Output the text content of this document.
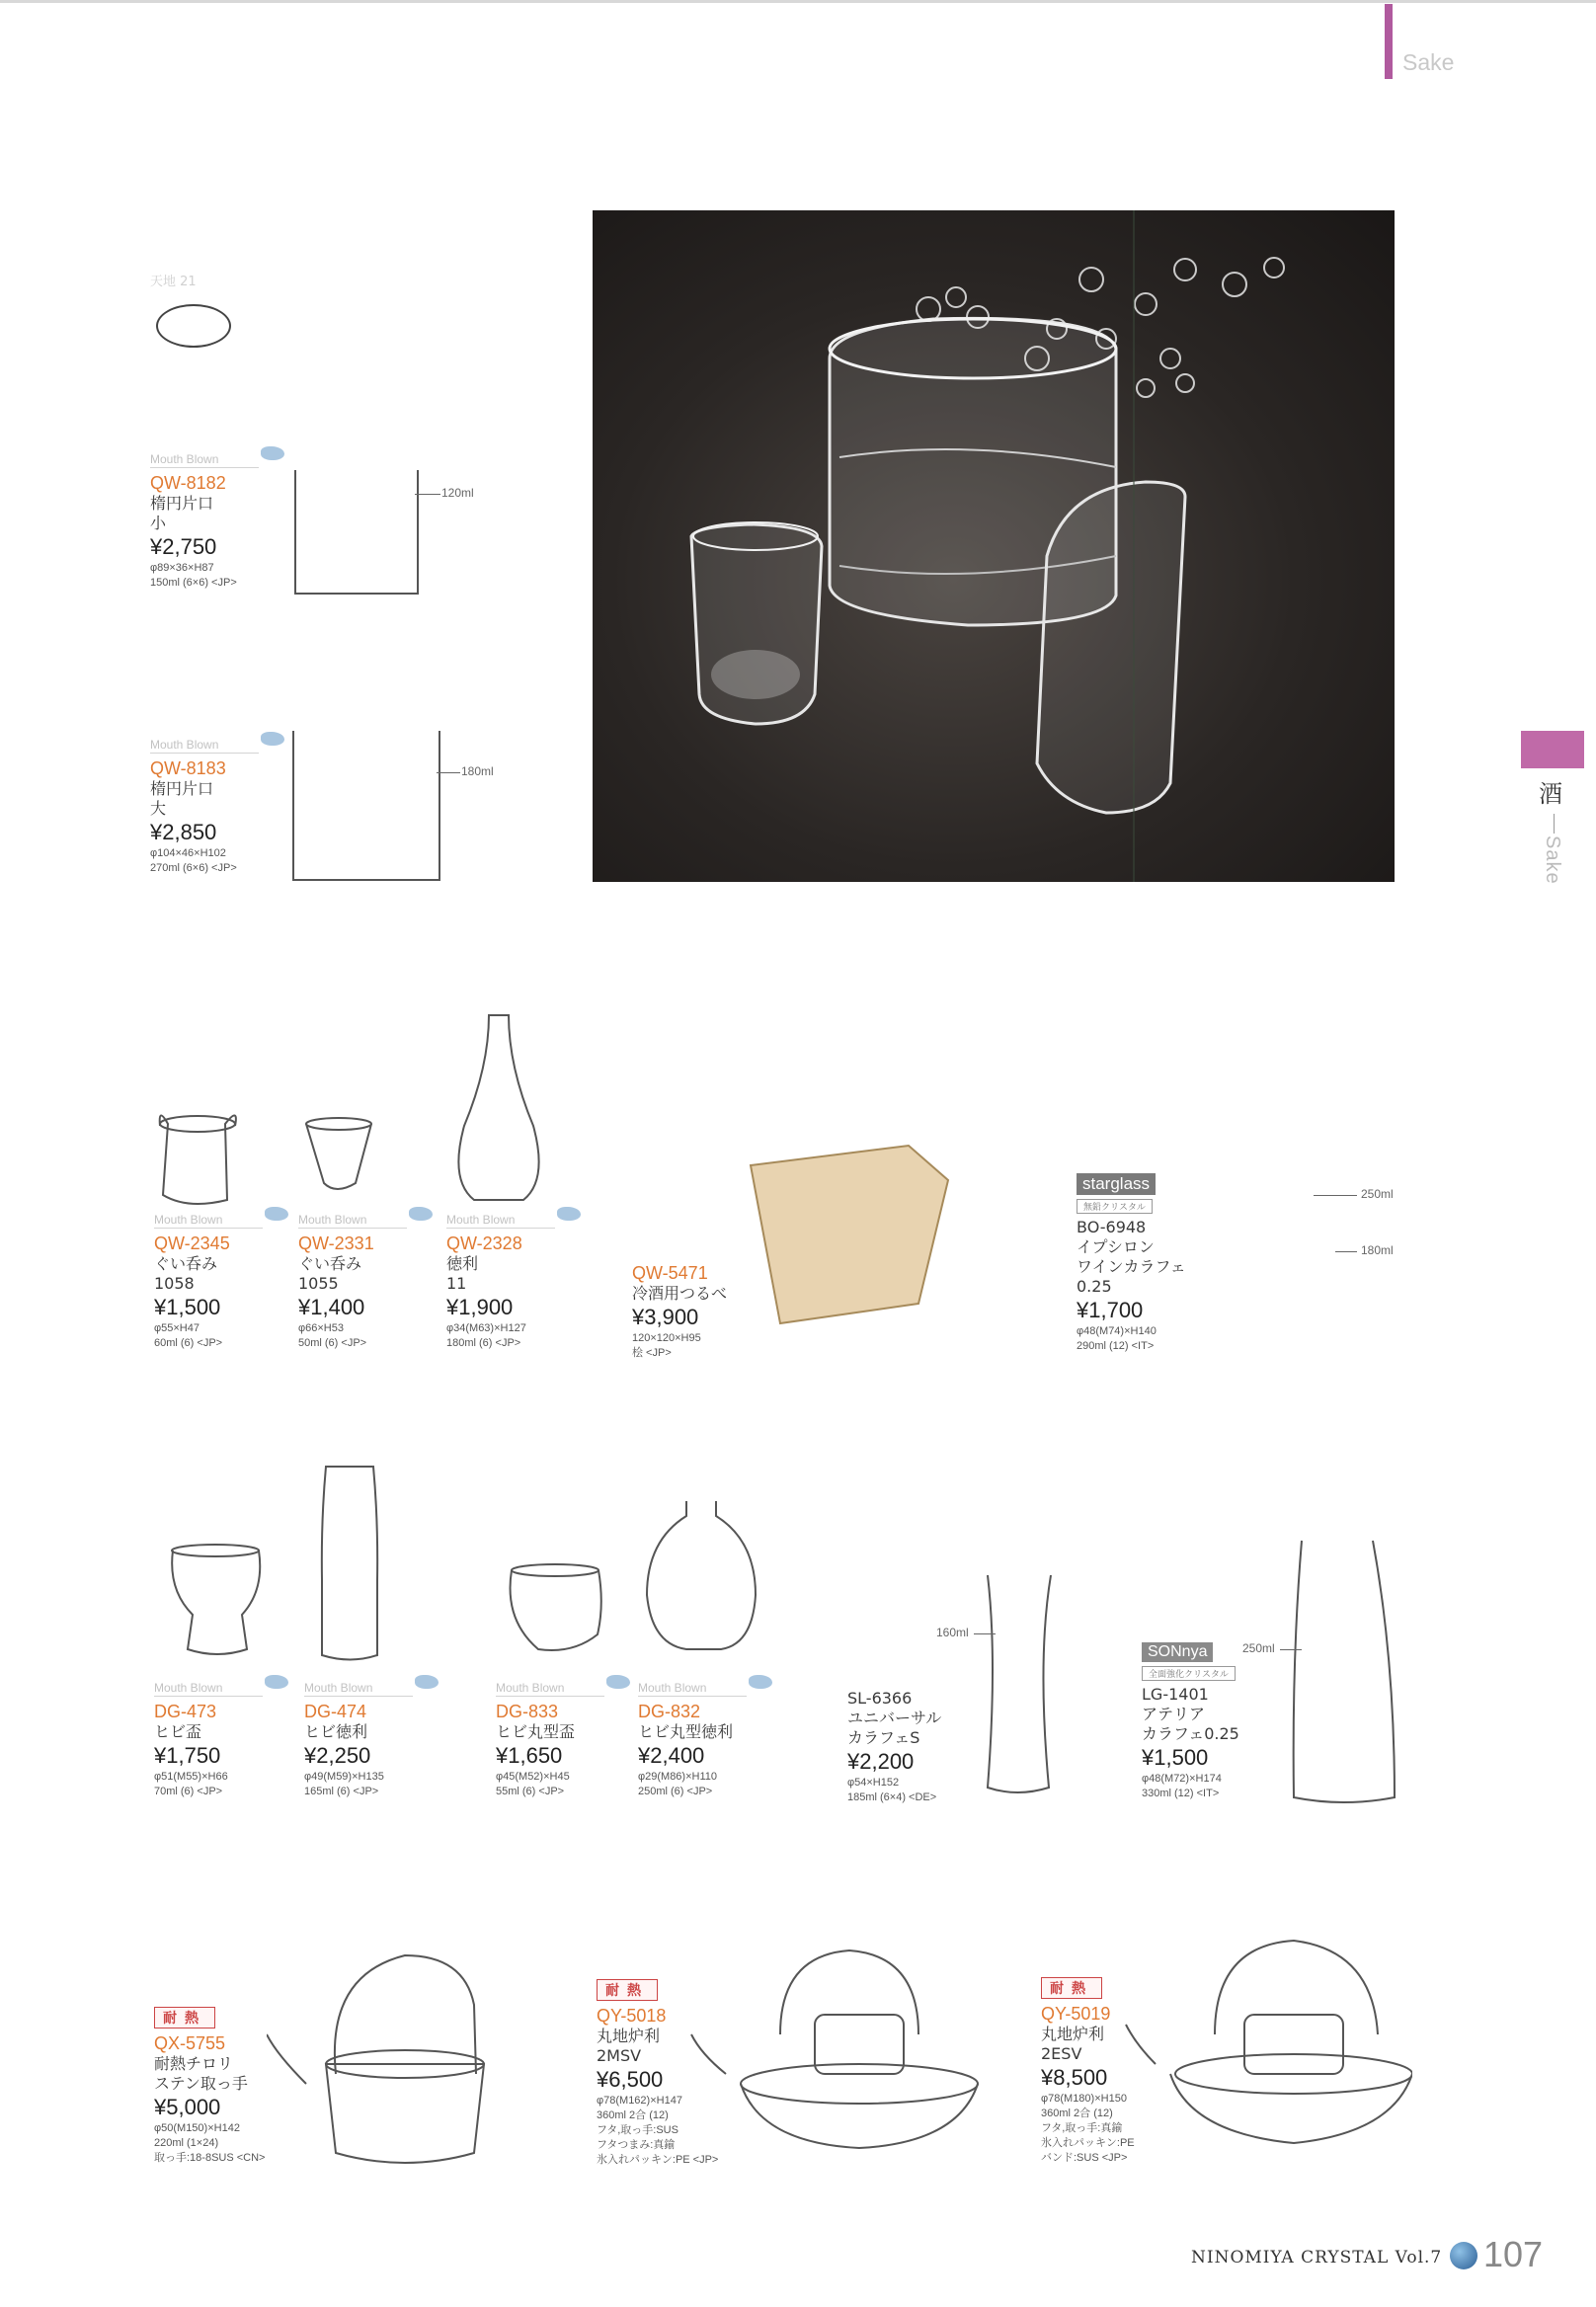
Sake
酒
Sake
天地 21
Mouth Blown
QW-8182
楕円片口
小
¥2,750
φ89×36×H87
150ml (6×6) <JP>
120ml
Mouth Blown
QW-8183
楕円片口
大
¥2,850
φ104×46×H102
270ml (6×6) <JP>
180ml
Mouth Blown
QW-2345
ぐい呑み
1058
¥1,500
φ55×H47
60ml (6) <JP>
Mouth Blown
QW-2331
ぐい呑み
1055
¥1,400
φ66×H53
50ml (6) <JP>
Mouth Blown
QW-2328
徳利
11
¥1,900
φ34(M63)×H127
180ml (6) <JP>
QW-5471
冷酒用つるべ
¥3,900
120×120×H95
桧 <JP>
starglass
無鉛クリスタル
BO-6948
イプシロン
ワインカラフェ
0.25
¥1,700
φ48(M74)×H140
290ml (12) <IT>
250ml
180ml
Mouth Blown
DG-473
ヒビ盃
¥1,750
φ51(M55)×H66
70ml (6) <JP>
Mouth Blown
DG-474
ヒビ徳利
¥2,250
φ49(M59)×H135
165ml (6) <JP>
Mouth Blown
DG-833
ヒビ丸型盃
¥1,650
φ45(M52)×H45
55ml (6) <JP>
Mouth Blown
DG-832
ヒビ丸型徳利
¥2,400
φ29(M86)×H110
250ml (6) <JP>
SL-6366
ユニバーサル
カラフェS
¥2,200
φ54×H152
185ml (6×4) <DE>
160ml
SONnya
全面強化クリスタル
LG-1401
アテリア
カラフェ0.25
¥1,500
φ48(M72)×H174
330ml (12) <IT>
250ml
耐熱
QX-5755
耐熱チロリ
ステン取っ手
¥5,000
φ50(M150)×H142
220ml (1×24)
取っ手:18-8SUS <CN>
耐熱
QY-5018
丸地炉利
2MSV
¥6,500
φ78(M162)×H147
360ml 2合 (12)
フタ,取っ手:SUS
フタつまみ:真鍮
氷入れパッキン:PE <JP>
耐熱
QY-5019
丸地炉利
2ESV
¥8,500
φ78(M180)×H150
360ml 2合 (12)
フタ,取っ手:真鍮
氷入れパッキン:PE
バンド:SUS <JP>
NINOMIYA CRYSTAL Vol.7 107
